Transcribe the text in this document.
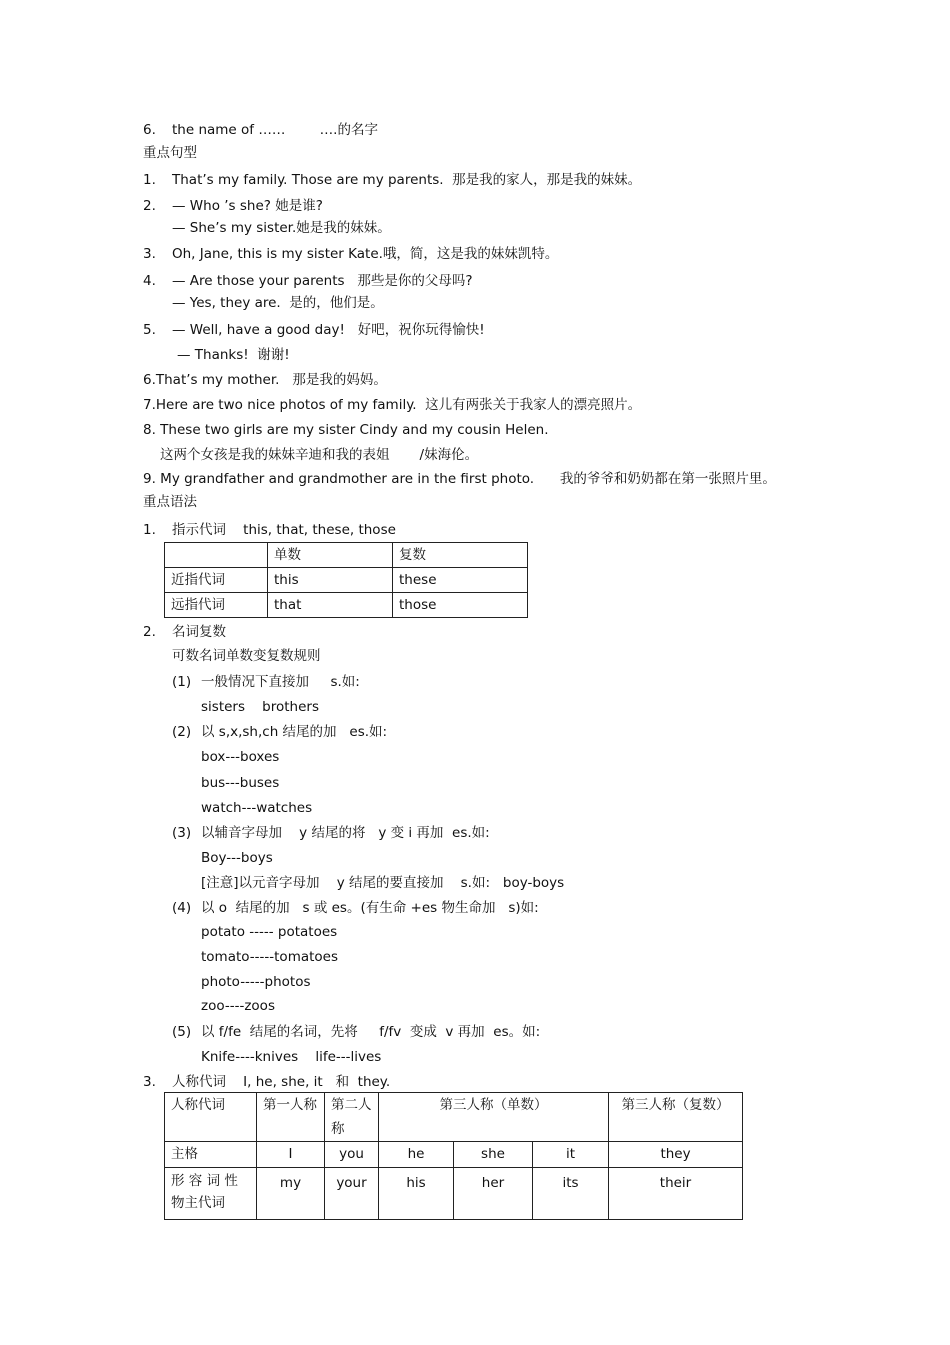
6. the name of ……        ….的名字
重点句型
1. That’s my family. Those are my parents.  那是我的家人，那是我的妹妹。
2. — Who ’s she? 她是谁?
— She’s my sister.她是我的妹妹。
3. Oh, Jane, this is my sister Kate.哦，简，这是我的妹妹凯特。
4. — Are those your parents   那些是你的父母吗?
— Yes, they are.  是的，他们是。
5. — Well, have a good day!   好吧，祝你玩得愉快!
— Thanks!  谢谢!
6.That’s my mother.   那是我的妈妈。
7.Here are two nice photos of my family.  这儿有两张关于我家人的漂亮照片。
8. These two girls are my sister Cindy and my cousin Helen.
这两个女孩是我的妹妹辛迪和我的表姐       /妹海伦。
9. My grandfather and grandmother are in the first photo.      我的爷爷和奶奶都在第一张照片里。
重点语法
1. 指示代词    this, that, these, those
	单数	复数
近指代词	this	these
远指代词	that	those
2. 名词复数
可数名词单数变复数规则
(1) 一般情况下直接加     s.如:
sisters    brothers
(2) 以 s,x,sh,ch 结尾的加   es.如:
box---boxes
bus---buses
watch---watches
(3) 以辅音字母加    y 结尾的将   y 变 i 再加  es.如:
Boy---boys
[注意]以元音字母加    y 结尾的要直接加    s.如:   boy-boys
(4) 以 o  结尾的加   s 或 es。(有生命 +es 物生命加   s)如:
potato ----- potatoes
tomato-----tomatoes
photo-----photos
zoo----zoos
(5) 以 f/fe  结尾的名词，先将     f/fv  变成  v 再加  es。如:
Knife----knives    life---lives
3. 人称代词    I, he, she, it   和  they.
人称代词	第一人称	第二人称	第三人称（单数）			第三人称（复数）
主格	I	you	he	she	it	they
形 容 词 性 物主代词	my	your	his	her	its	their
